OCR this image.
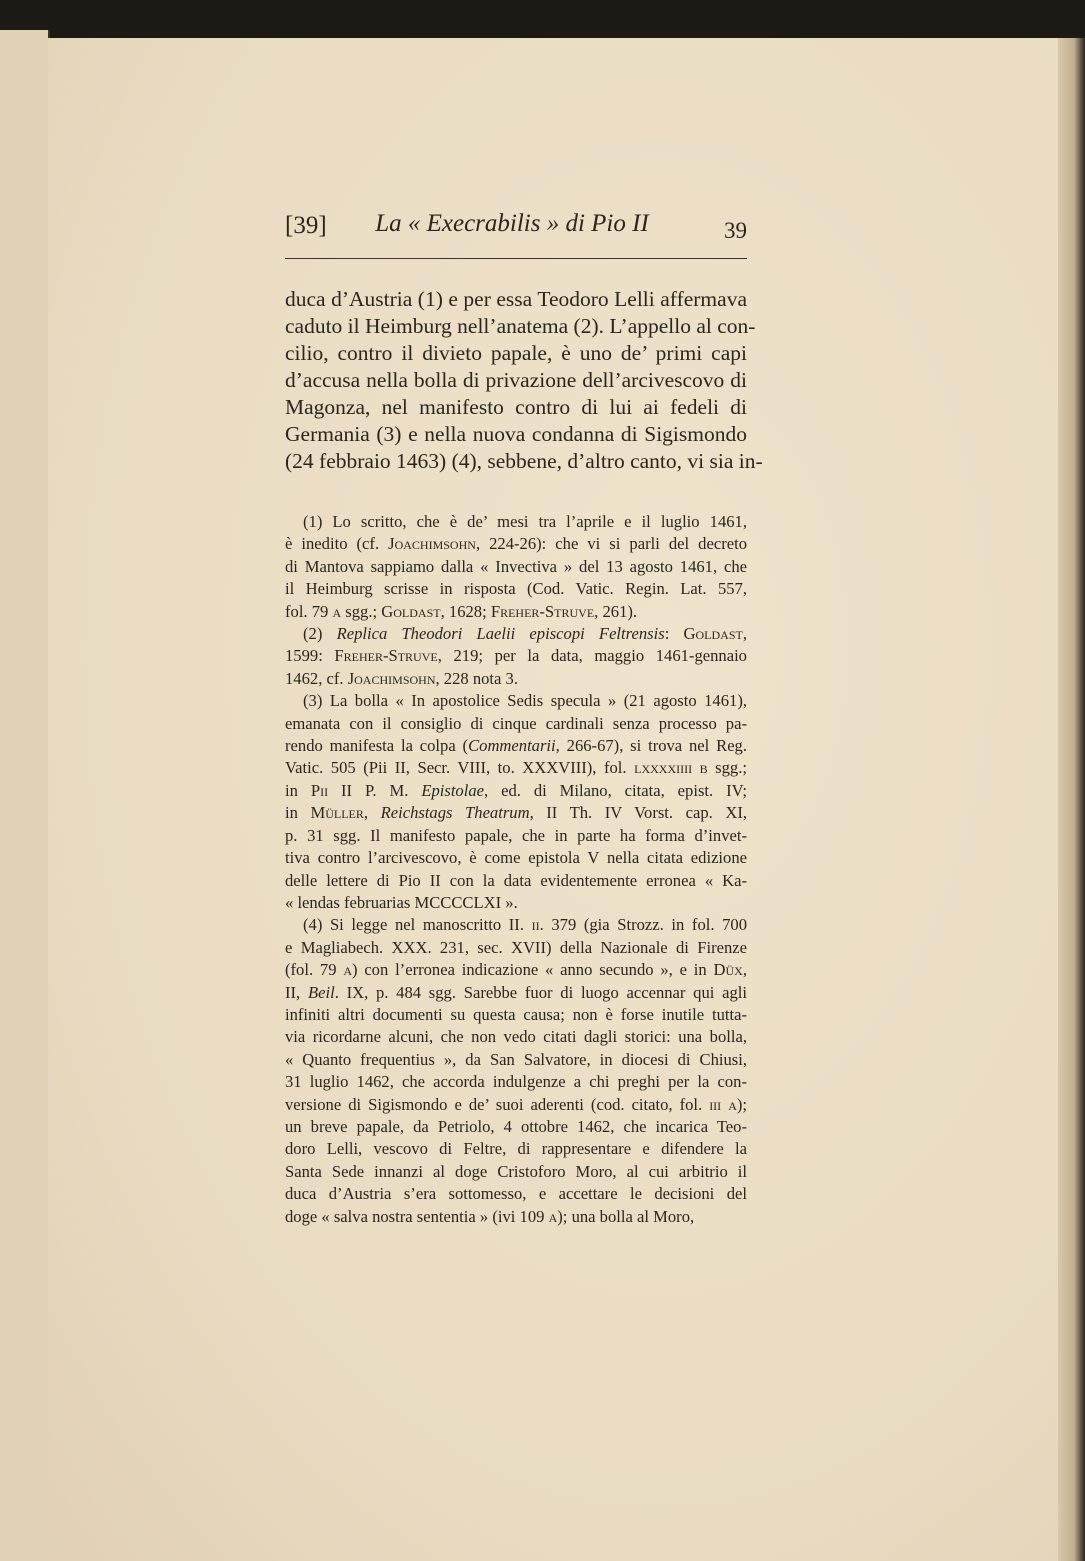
[39]	La « Execrabilis » di Pio II	39
duca d’Austria (1) e per essa Teodoro Lelli affermava
caduto il Heimburg nell’anatema (2). L’appello al con-
cilio, contro il divieto papale, è uno de’ primi capi
d’accusa nella bolla di privazione dell’arcivescovo di
Magonza, nel manifesto contro di lui ai fedeli di
Germania (3) e nella nuova condanna di Sigismondo
(24 febbraio 1463) (4), sebbene, d’altro canto, vi sia in-
(1) Lo scritto, che è de’ mesi tra l’aprile e il luglio 1461,
è inedito (cf. Joachimsohn, 224-26): che vi si parli del decreto
di Mantova sappiamo dalla « Invectiva » del 13 agosto 1461, che
il Heimburg scrisse in risposta (Cod. Vatic. Regin. Lat. 557,
fol. 79 a sgg.; Goldast, 1628; Freher-Struve, 261).
(2) Replica Theodori Laelii episcopi Feltrensis: Goldast,
1599: Freher-Struve, 219; per la data, maggio 1461-gennaio
1462, cf. Joachimsohn, 228 nota 3.
(3) La bolla « In apostolice Sedis specula » (21 agosto 1461),
emanata con il consiglio di cinque cardinali senza processo pa-
rendo manifesta la colpa (Commentarii, 266-67), si trova nel Reg.
Vatic. 505 (Pii II, Secr. VIII, to. XXXVIII), fol. lxxxxiiii b sgg.;
in Pii II P. M. Epistolae, ed. di Milano, citata, epist. IV;
in Müller, Reichstags Theatrum, II Th. IV Vorst. cap. XI,
p. 31 sgg. Il manifesto papale, che in parte ha forma d’invet-
tiva contro l’arcivescovo, è come epistola V nella citata edizione
delle lettere di Pio II con la data evidentemente erronea « Ka-
« lendas februarias MCCCCLXI ».
(4) Si legge nel manoscritto II. ii. 379 (gia Strozz. in fol. 700
e Magliabech. XXX. 231, sec. XVII) della Nazionale di Firenze
(fol. 79 a) con l’erronea indicazione « anno secundo », e in Düx,
II, Beil. IX, p. 484 sgg. Sarebbe fuor di luogo accennar qui agli
infiniti altri documenti su questa causa; non è forse inutile tutta-
via ricordarne alcuni, che non vedo citati dagli storici: una bolla,
« Quanto frequentius », da San Salvatore, in diocesi di Chiusi,
31 luglio 1462, che accorda indulgenze a chi preghi per la con-
versione di Sigismondo e de’ suoi aderenti (cod. citato, fol. iii a);
un breve papale, da Petriolo, 4 ottobre 1462, che incarica Teo-
doro Lelli, vescovo di Feltre, di rappresentare e difendere la
Santa Sede innanzi al doge Cristoforo Moro, al cui arbitrio il
duca d’Austria s’era sottomesso, e accettare le decisioni del
doge « salva nostra sententia » (ivi 109 a); una bolla al Moro,
